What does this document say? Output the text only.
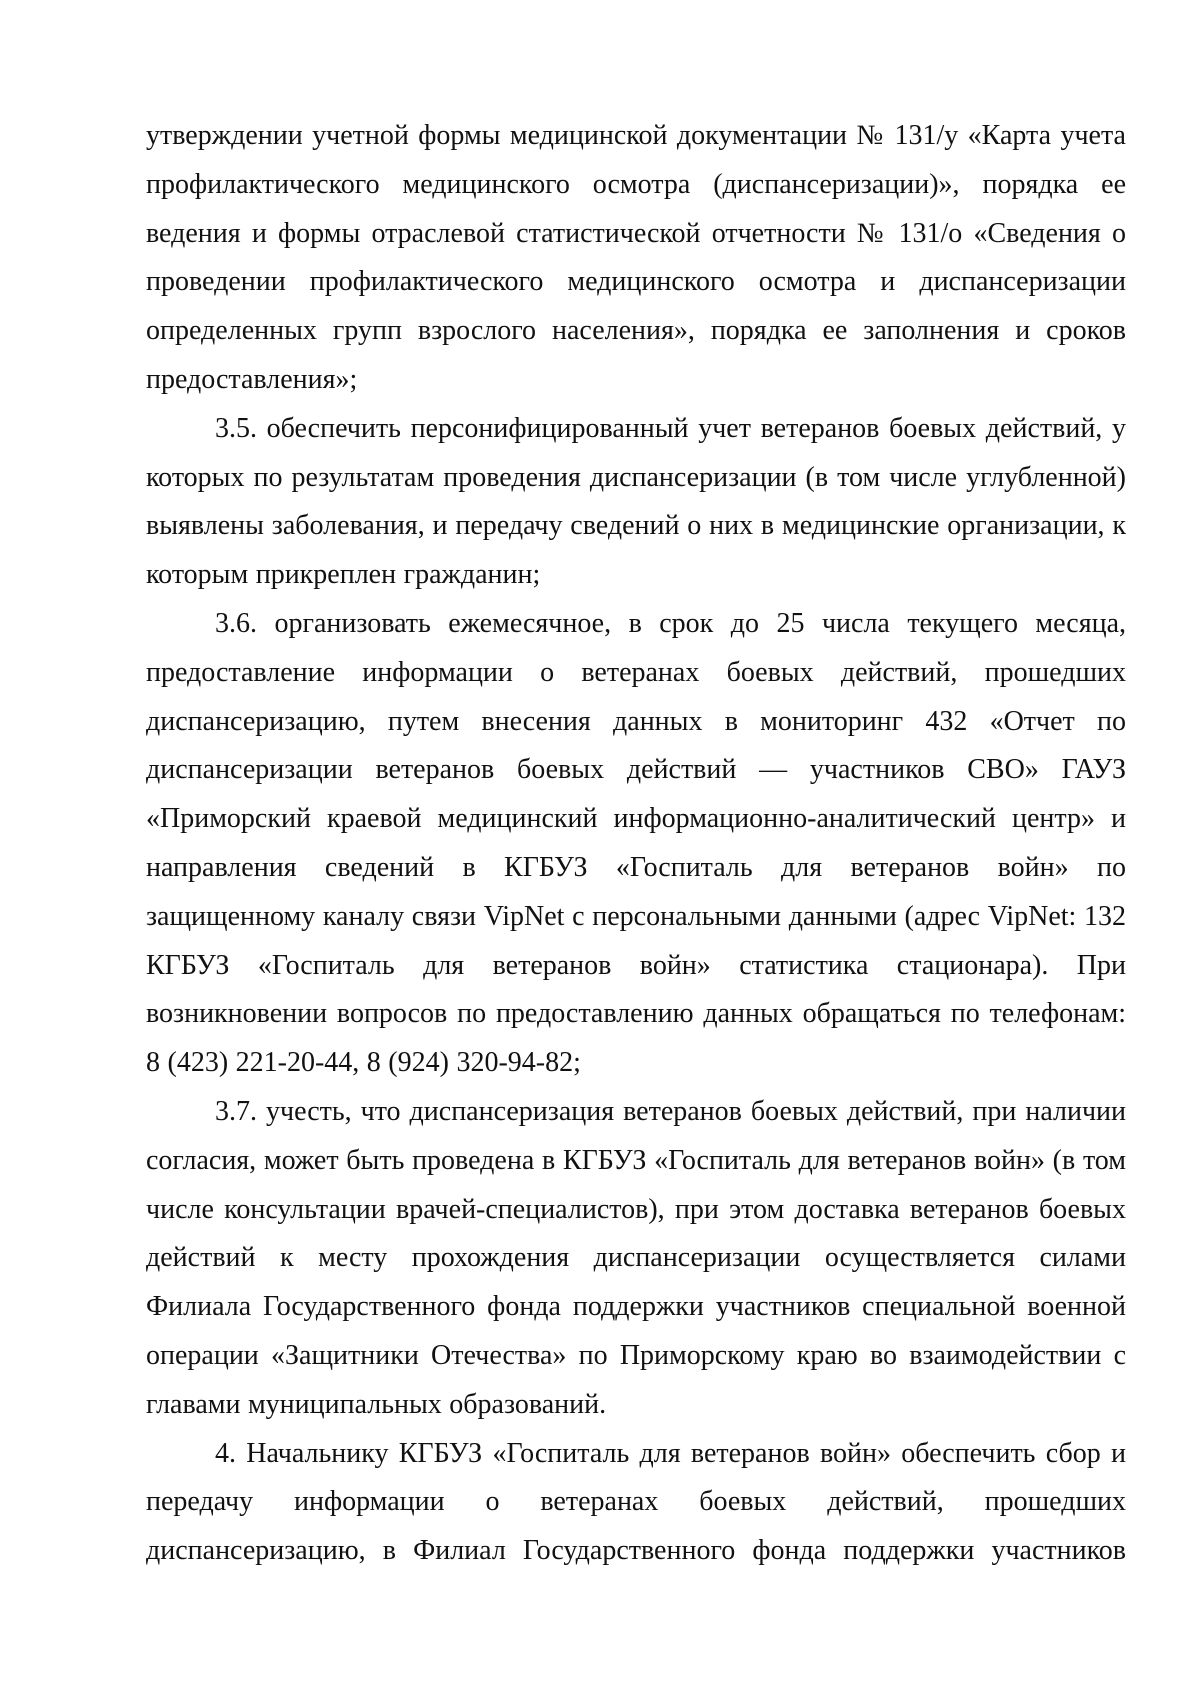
утверждении учетной формы медицинской документации № 131/у «Карта учета профилактического медицинского осмотра (диспансеризации)», порядка ее ведения и формы отраслевой статистической отчетности № 131/о «Сведения о проведении профилактического медицинского осмотра и диспансеризации определенных групп взрослого населения», порядка ее заполнения и сроков предоставления»;

3.5. обеспечить персонифицированный учет ветеранов боевых действий, у которых по результатам проведения диспансеризации (в том числе углубленной) выявлены заболевания, и передачу сведений о них в медицинские организации, к которым прикреплен гражданин;

3.6. организовать ежемесячное, в срок до 25 числа текущего месяца, предоставление информации о ветеранах боевых действий, прошедших диспансеризацию, путем внесения данных в мониторинг 432 «Отчет по диспансеризации ветеранов боевых действий — участников СВО» ГАУЗ «Приморский краевой медицинский информационно-аналитический центр» и направления сведений в КГБУЗ «Госпиталь для ветеранов войн» по защищенному каналу связи VipNet с персональными данными (адрес VipNet: 132 КГБУЗ «Госпиталь для ветеранов войн» статистика стационара). При возникновении вопросов по предоставлению данных обращаться по телефонам: 8 (423) 221-20-44, 8 (924) 320-94-82;

3.7. учесть, что диспансеризация ветеранов боевых действий, при наличии согласия, может быть проведена в КГБУЗ «Госпиталь для ветеранов войн» (в том числе консультации врачей-специалистов), при этом доставка ветеранов боевых действий к месту прохождения диспансеризации осуществляется силами Филиала Государственного фонда поддержки участников специальной военной операции «Защитники Отечества» по Приморскому краю во взаимодействии с главами муниципальных образований.

4. Начальнику КГБУЗ «Госпиталь для ветеранов войн» обеспечить сбор и передачу информации о ветеранах боевых действий, прошедших диспансеризацию, в Филиал Государственного фонда поддержки участников
